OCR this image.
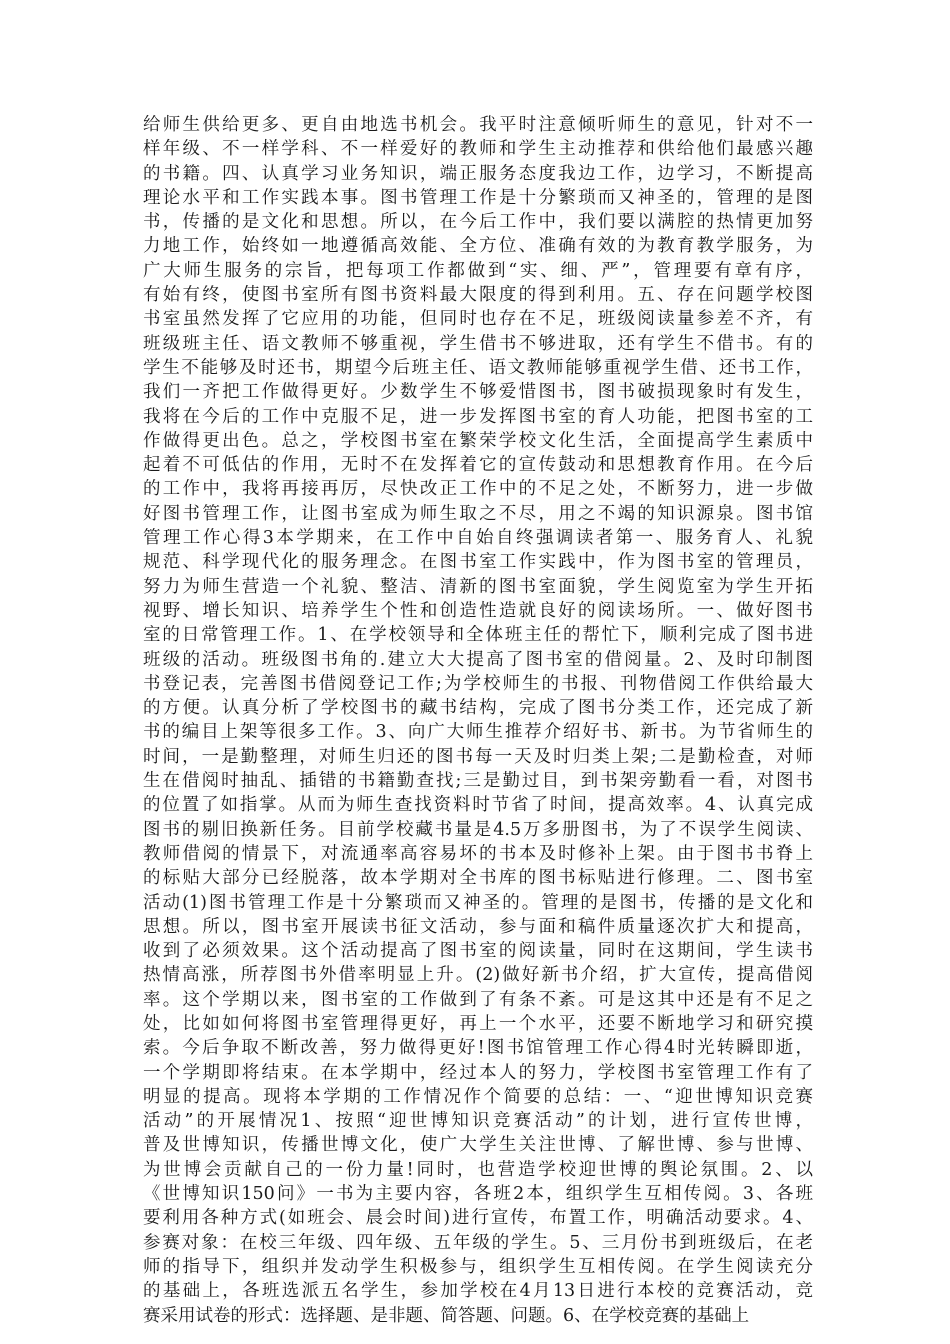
给师生供给更多、更自由地选书机会。我平时注意倾听师生的意见，针对不一
样年级、不一样学科、不一样爱好的教师和学生主动推荐和供给他们最感兴趣
的书籍。四、认真学习业务知识，端正服务态度我边工作，边学习，不断提高
理论水平和工作实践本事。图书管理工作是十分繁琐而又神圣的，管理的是图
书，传播的是文化和思想。所以，在今后工作中，我们要以满腔的热情更加努
力地工作，始终如一地遵循高效能、全方位、准确有效的为教育教学服务，为
广大师生服务的宗旨，把每项工作都做到“实、细、严”，管理要有章有序，
有始有终，使图书室所有图书资料最大限度的得到利用。五、存在问题学校图
书室虽然发挥了它应用的功能，但同时也存在不足，班级阅读量参差不齐，有
班级班主任、语文教师不够重视，学生借书不够进取，还有学生不借书。有的
学生不能够及时还书，期望今后班主任、语文教师能够重视学生借、还书工作，
我们一齐把工作做得更好。少数学生不够爱惜图书，图书破损现象时有发生，
我将在今后的工作中克服不足，进一步发挥图书室的育人功能，把图书室的工
作做得更出色。总之，学校图书室在繁荣学校文化生活，全面提高学生素质中
起着不可低估的作用，无时不在发挥着它的宣传鼓动和思想教育作用。在今后
的工作中，我将再接再厉，尽快改正工作中的不足之处，不断努力，进一步做
好图书管理工作，让图书室成为师生取之不尽，用之不竭的知识源泉。图书馆
管理工作心得3本学期来，在工作中自始自终强调读者第一、服务育人、礼貌
规范、科学现代化的服务理念。在图书室工作实践中，作为图书室的管理员，
努力为师生营造一个礼貌、整洁、清新的图书室面貌，学生阅览室为学生开拓
视野、增长知识、培养学生个性和创造性造就良好的阅读场所。一、做好图书
室的日常管理工作。1、在学校领导和全体班主任的帮忙下，顺利完成了图书进
班级的活动。班级图书角的.建立大大提高了图书室的借阅量。2、及时印制图
书登记表，完善图书借阅登记工作;为学校师生的书报、刊物借阅工作供给最大
的方便。认真分析了学校图书的藏书结构，完成了图书分类工作，还完成了新
书的编目上架等很多工作。3、向广大师生推荐介绍好书、新书。为节省师生的
时间，一是勤整理，对师生归还的图书每一天及时归类上架;二是勤检查，对师
生在借阅时抽乱、插错的书籍勤查找;三是勤过目，到书架旁勤看一看，对图书
的位置了如指掌。从而为师生查找资料时节省了时间，提高效率。4、认真完成
图书的剔旧换新任务。目前学校藏书量是4.5万多册图书，为了不误学生阅读、
教师借阅的情景下，对流通率高容易坏的书本及时修补上架。由于图书书脊上
的标贴大部分已经脱落，故本学期对全书库的图书标贴进行修理。二、图书室
活动(1)图书管理工作是十分繁琐而又神圣的。管理的是图书，传播的是文化和
思想。所以，图书室开展读书征文活动，参与面和稿件质量逐次扩大和提高，
收到了必须效果。这个活动提高了图书室的阅读量，同时在这期间，学生读书
热情高涨，所荐图书外借率明显上升。(2)做好新书介绍，扩大宣传，提高借阅
率。这个学期以来，图书室的工作做到了有条不紊。可是这其中还是有不足之
处，比如如何将图书室管理得更好，再上一个水平，还要不断地学习和研究摸
索。今后争取不断改善，努力做得更好!图书馆管理工作心得4时光转瞬即逝，
一个学期即将结束。在本学期中，经过本人的努力，学校图书室管理工作有了
明显的提高。现将本学期的工作情况作个简要的总结：一、“迎世博知识竞赛
活动”的开展情况1、按照“迎世博知识竞赛活动”的计划，进行宣传世博，
普及世博知识，传播世博文化，使广大学生关注世博、了解世博、参与世博、
为世博会贡献自己的一份力量!同时，也营造学校迎世博的舆论氛围。2、以
《世博知识150问》一书为主要内容，各班2本，组织学生互相传阅。3、各班
要利用各种方式(如班会、晨会时间)进行宣传，布置工作，明确活动要求。4、
参赛对象：在校三年级、四年级、五年级的学生。5、三月份书到班级后，在老
师的指导下，组织并发动学生积极参与，组织学生互相传阅。在学生阅读充分
的基础上，各班选派五名学生，参加学校在4月13日进行本校的竞赛活动，竞
赛采用试卷的形式：选择题、是非题、简答题、问题。6、在学校竞赛的基础上
